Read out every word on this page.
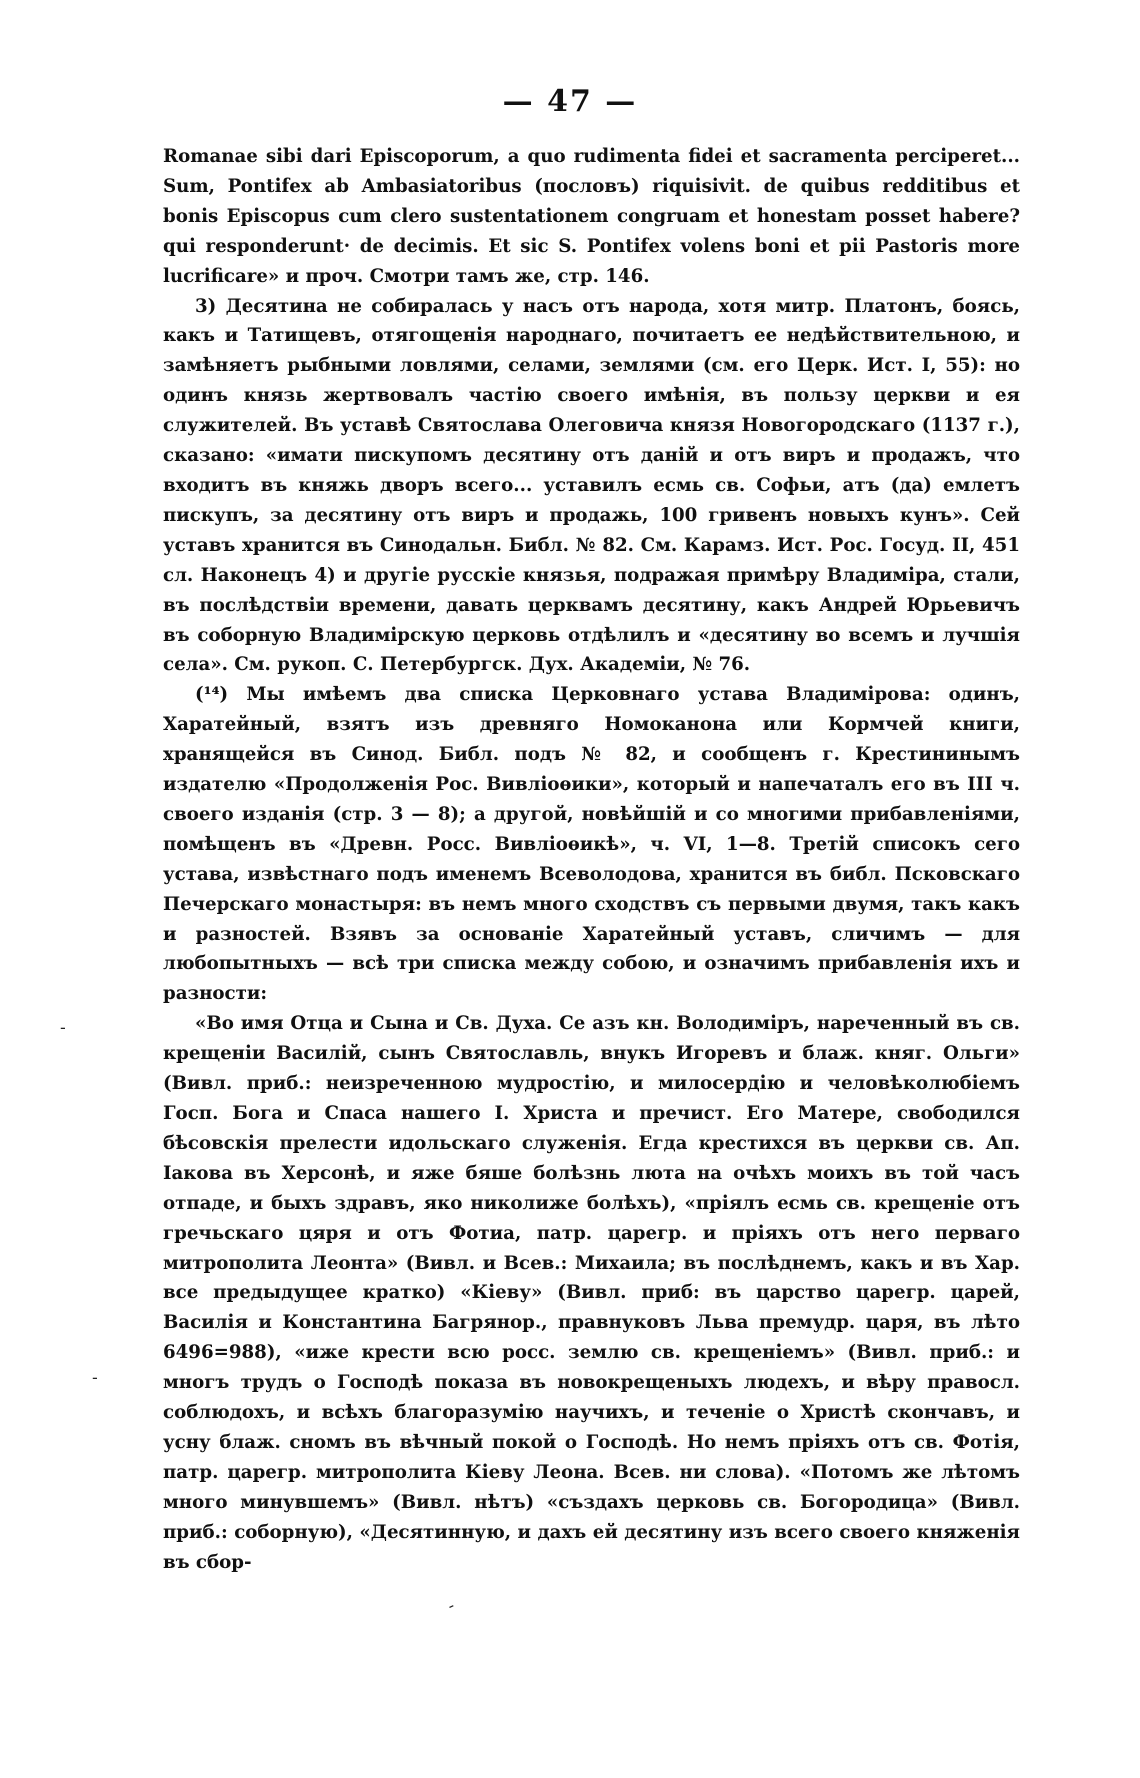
— 47 —

Romanae sibi dari Episcoporum, a quo rudimenta fidei et sacramenta perciperet... Sum, Pontifex ab Ambasiatoribus (пословъ) riquisivit. de quibus redditibus et bonis Episcopus cum clero sustentationem congruam et honestam posset habere? qui responderunt· de decimis. Et sic S. Pontifex volens boni et pii Pastoris more lucrificare» и проч. Смотри тамъ же, стр. 146.

3) Десятина не собиралась у насъ отъ народа, хотя митр. Платонъ, боясь, какъ и Татищевъ, отягощенія народнаго, почитаетъ ее недѣйствительною, и замѣняетъ рыбными ловлями, селами, землями (см. его Церк. Ист. I, 55): но одинъ князь жертвовалъ частію своего имѣнія, въ пользу церкви и ея служителей. Въ уставѣ Святослава Олеговича князя Новогородскаго (1137 г.), сказано: «имати пискупомъ десятину отъ даній и отъ виръ и продажъ, что входитъ въ княжь дворъ всего... уставилъ есмь св. Софьи, атъ (да) емлетъ пискупъ, за десятину отъ виръ и продажь, 100 гривенъ новыхъ кунъ». Сей уставъ хранится въ Синодальн. Библ. № 82. См. Карамз. Ист. Рос. Госуд. II, 451 сл. Наконецъ 4) и другіе русскіе князья, подражая примѣру Владиміра, стали, въ послѣдствіи времени, давать церквамъ десятину, какъ Андрей Юрьевичъ въ соборную Владимірскую церковь отдѣлилъ и «десятину во всемъ и лучшія села». См. рукоп. С. Петербургск. Дух. Академіи, № 76.

(¹⁴) Мы имѣемъ два списка Церковнаго устава Владимірова: одинъ, Харатейный, взятъ изъ древняго Номоканона или Кормчей книги, хранящейся въ Синод. Библ. подъ № 82, и сообщенъ г. Крестининымъ издателю «Продолженія Рос. Вивліоѳики», который и напечаталъ его въ III ч. своего изданія (стр. 3 — 8); а другой, новѣйшій и со многими прибавленіями, помѣщенъ въ «Древн. Росс. Вивліоѳикѣ», ч. VI, 1—8. Третій списокъ сего устава, извѣстнаго подъ именемъ Всеволодова, хранится въ библ. Псковскаго Печерскаго монастыря: въ немъ много сходствъ съ первыми двумя, такъ какъ и разностей. Взявъ за основаніе Харатейный уставъ, сличимъ — для любопытныхъ — всѣ три списка между собою, и означимъ прибавленія ихъ и разности:

«Во имя Отца и Сына и Св. Духа. Се азъ кн. Володиміръ, нареченный въ св. крещеніи Василій, сынъ Святославль, внукъ Игоревъ и блаж. княг. Ольги» (Вивл. приб.: неизреченною мудростію, и милосердію и человѣколюбіемъ Госп. Бога и Спаса нашего І. Христа и пречист. Его Матере, свободился бѣсовскія прелести идольскаго служенія. Егда крестихся въ церкви св. Ап. Іакова въ Херсонѣ, и яже бяше болѣзнь люта на очѣхъ моихъ въ той часъ отпаде, и быхъ здравъ, яко николиже болѣхъ), «пріялъ есмь св. крещеніе отъ гречьскаго цяря и отъ Фотиа, патр. царегр. и пріяхъ отъ него перваго митрополита Леонта» (Вивл. и Всев.: Михаила; въ послѣднемъ, какъ и въ Хар. все предыдущее кратко) «Кіеву» (Вивл. приб: въ царство царегр. царей, Василія и Константина Багрянор., правнуковъ Льва премудр. царя, въ лѣто 6496=988), «иже крести всю росс. землю св. крещеніемъ» (Вивл. приб.: и многъ трудъ о Господѣ показа въ новокрещеныхъ людехъ, и вѣру правосл. соблюдохъ, и всѣхъ благоразумію научихъ, и теченіе о Христѣ скончавъ, и усну блаж. сномъ въ вѣчный покой о Господѣ. Но немъ пріяхъ отъ св. Фотія, патр. царегр. митрополита Кіеву Леона. Всев. ни слова). «Потомъ же лѣтомъ много минувшемъ» (Вивл. нѣтъ) «създахъ церковь св. Богородица» (Вивл. приб.: соборную), «Десятинную, и дахъ ей десятину изъ всего своего княженія въ сбор-

-
-
-
